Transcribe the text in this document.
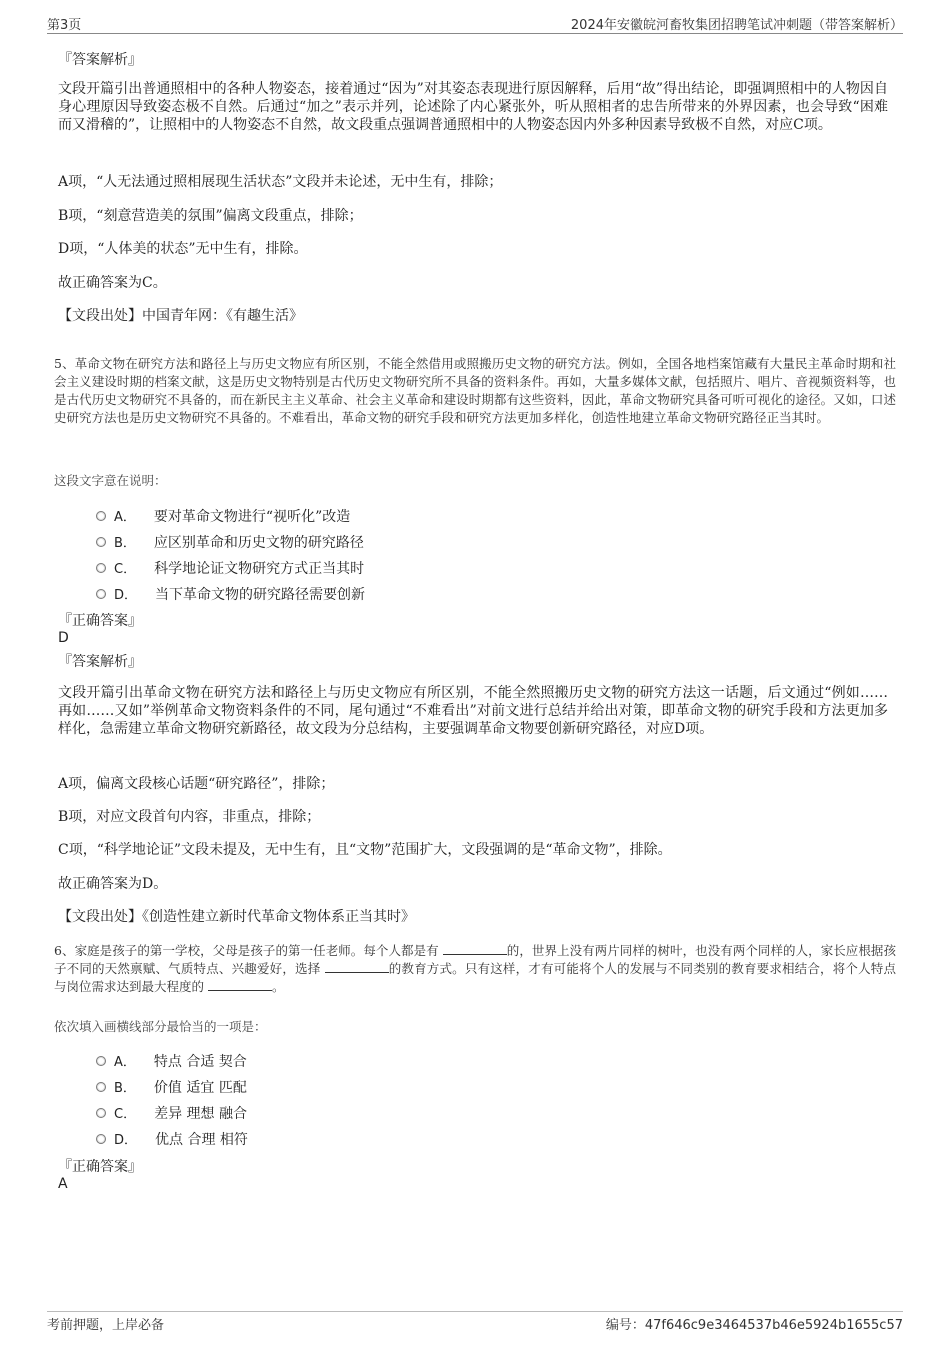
第3页	2024年安徽皖河畜牧集团招聘笔试冲刺题（带答案解析）
『答案解析』
文段开篇引出普通照相中的各种人物姿态，接着通过“因为”对其姿态表现进行原因解释，后用“故”得出结论，即强调照相中的人物因自身心理原因导致姿态极不自然。后通过“加之”表示并列，论述除了内心紧张外，听从照相者的忠告所带来的外界因素，也会导致“困难而又滑稽的”，让照相中的人物姿态不自然，故文段重点强调普通照相中的人物姿态因内外多种因素导致极不自然，对应C项。
A项，“人无法通过照相展现生活状态”文段并未论述，无中生有，排除；
B项，“刻意营造美的氛围”偏离文段重点，排除；
D项，“人体美的状态”无中生有，排除。
故正确答案为C。
【文段出处】中国青年网：《有趣生活》
5、革命文物在研究方法和路径上与历史文物应有所区别，不能全然借用或照搬历史文物的研究方法。例如，全国各地档案馆藏有大量民主革命时期和社会主义建设时期的档案文献，这是历史文物特别是古代历史文物研究所不具备的资料条件。再如，大量多媒体文献，包括照片、唱片、音视频资料等，也是古代历史文物研究不具备的，而在新民主主义革命、社会主义革命和建设时期都有这些资料，因此，革命文物研究具备可听可视化的途径。又如，口述史研究方法也是历史文物研究不具备的。不难看出，革命文物的研究手段和研究方法更加多样化，创造性地建立革命文物研究路径正当其时。
这段文字意在说明：
A． 要对革命文物进行“视听化”改造
B． 应区别革命和历史文物的研究路径
C． 科学地论证文物研究方式正当其时
D． 当下革命文物的研究路径需要创新
『正确答案』
D
『答案解析』
文段开篇引出革命文物在研究方法和路径上与历史文物应有所区别，不能全然照搬历史文物的研究方法这一话题，后文通过“例如……再如……又如”举例革命文物资料条件的不同，尾句通过“不难看出”对前文进行总结并给出对策，即革命文物的研究手段和方法更加多样化，急需建立革命文物研究新路径，故文段为分总结构，主要强调革命文物要创新研究路径，对应D项。
A项，偏离文段核心话题“研究路径”，排除；
B项，对应文段首句内容，非重点，排除；
C项，“科学地论证”文段未提及，无中生有，且“文物”范围扩大，文段强调的是“革命文物”，排除。
故正确答案为D。
【文段出处】《创造性建立新时代革命文物体系正当其时》
6、家庭是孩子的第一学校，父母是孩子的第一任老师。每个人都是有	的，世界上没有两片同样的树叶，也没有两个同样的人，家长应根据孩子不同的天然禀赋、气质特点、兴趣爱好，选择	的教育方式。只有这样，才有可能将个人的发展与不同类别的教育要求相结合，将个人特点与岗位需求达到最大程度的	。
依次填入画横线部分最恰当的一项是：
A． 特点 合适 契合
B． 价值 适宜 匹配
C． 差异 理想 融合
D． 优点 合理 相符
『正确答案』
A
考前押题，上岸必备	编号：47f646c9e3464537b46e5924b1655c57
